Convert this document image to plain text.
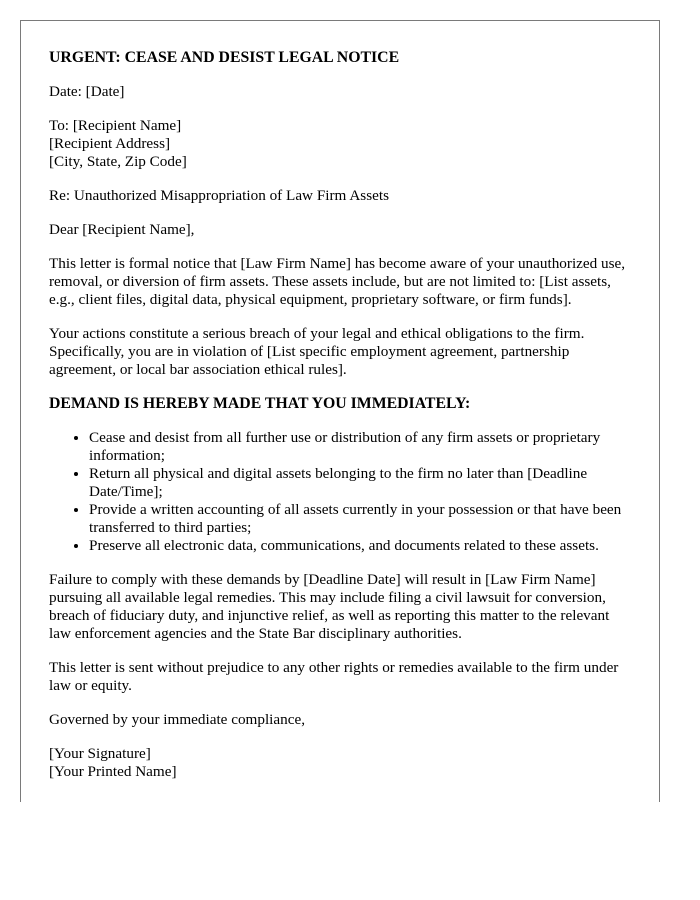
URGENT: CEASE AND DESIST LEGAL NOTICE

Date: [Date]

To: [Recipient Name]
[Recipient Address]
[City, State, Zip Code]

Re: Unauthorized Misappropriation of Law Firm Assets

Dear [Recipient Name],

This letter is formal notice that [Law Firm Name] has become aware of your unauthorized use, removal, or diversion of firm assets. These assets include, but are not limited to: [List assets, e.g., client files, digital data, physical equipment, proprietary software, or firm funds].

Your actions constitute a serious breach of your legal and ethical obligations to the firm. Specifically, you are in violation of [List specific employment agreement, partnership agreement, or local bar association ethical rules].

DEMAND IS HEREBY MADE THAT YOU IMMEDIATELY:
• Cease and desist from all further use or distribution of any firm assets or proprietary information;
• Return all physical and digital assets belonging to the firm no later than [Deadline Date/Time];
• Provide a written accounting of all assets currently in your possession or that have been transferred to third parties;
• Preserve all electronic data, communications, and documents related to these assets.

Failure to comply with these demands by [Deadline Date] will result in [Law Firm Name] pursuing all available legal remedies. This may include filing a civil lawsuit for conversion, breach of fiduciary duty, and injunctive relief, as well as reporting this matter to the relevant law enforcement agencies and the State Bar disciplinary authorities.

This letter is sent without prejudice to any other rights or remedies available to the firm under law or equity.

Governed by your immediate compliance,

[Your Signature]
[Your Printed Name]
